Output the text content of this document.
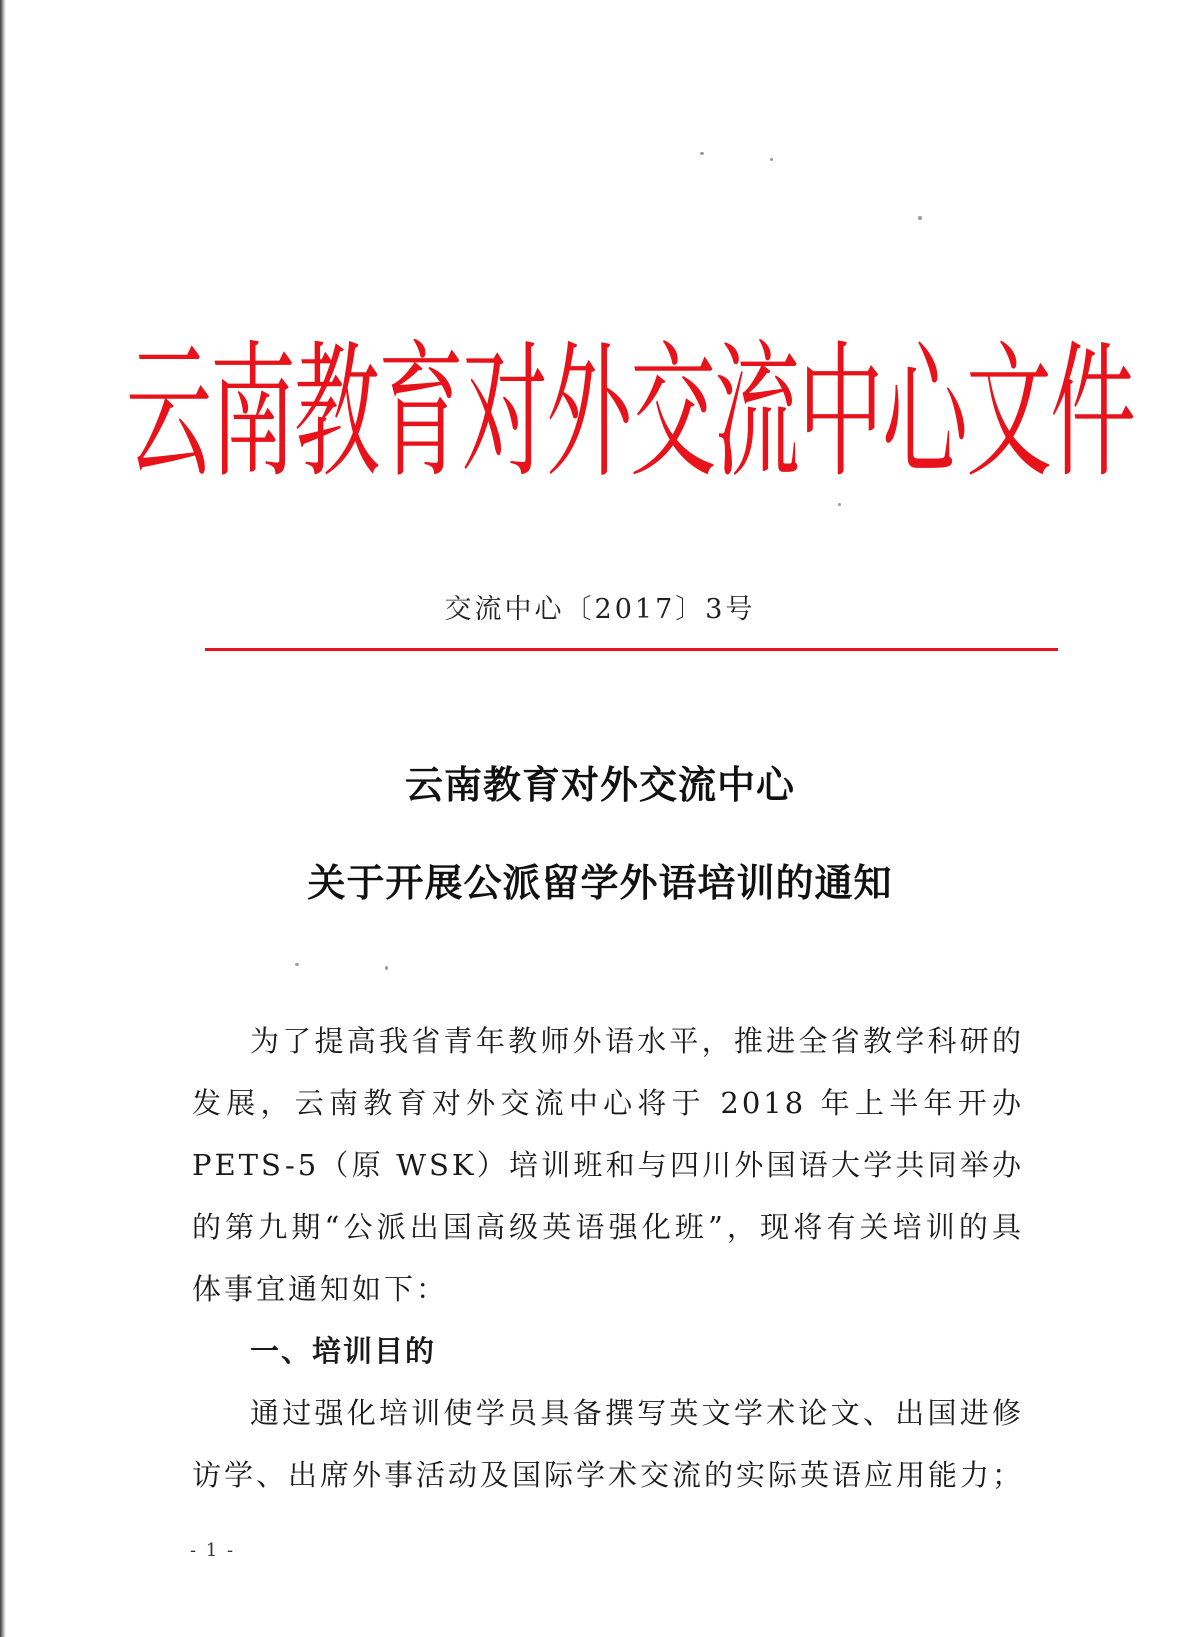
云南教育对外交流中心文件
交流中心〔2017〕3号
云南教育对外交流中心
关于开展公派留学外语培训的通知

为了提高我省青年教师外语水平，推进全省教学科研的发展，云南教育对外交流中心将于 2018 年上半年开办 PETS-5（原 WSK）培训班和与四川外国语大学共同举办的第九期“公派出国高级英语强化班”，现将有关培训的具体事宜通知如下：

一、培训目的

通过强化培训使学员具备撰写英文学术论文、出国进修访学、出席外事活动及国际学术交流的实际英语应用能力；

- 1 -
